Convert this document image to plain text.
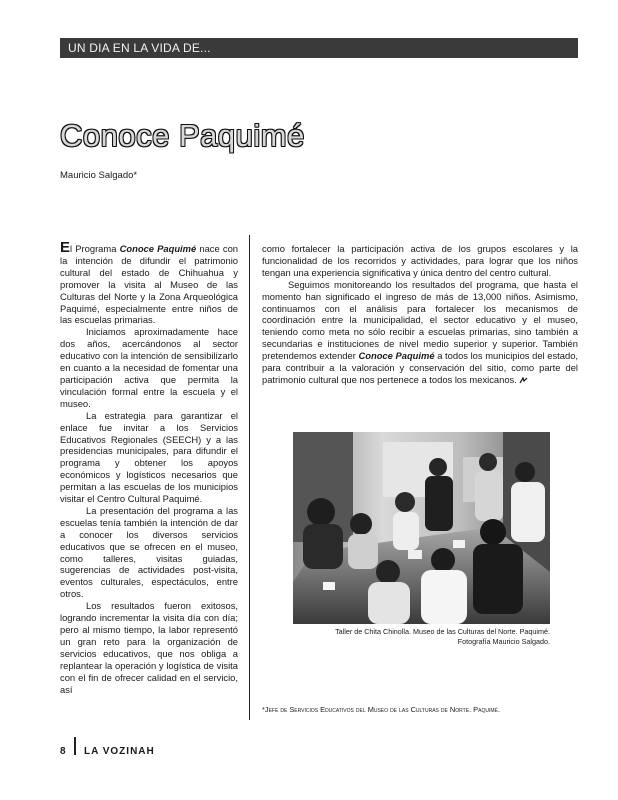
UN DIA EN LA VIDA DE...
Conoce Paquimé
Mauricio Salgado*

El Programa Conoce Paquimé nace con la intención de difundir el patrimonio cultural del estado de Chihuahua y promover la visita al Museo de las Culturas del Norte y la Zona Arqueológica Paquimé, especialmente entre niños de las escuelas primarias.

Iniciamos aproximadamente hace dos años, acercándonos al sector educativo con la intención de sensibilizarlo en cuanto a la necesidad de fomentar una participación activa que permita la vinculación formal entre la escuela y el museo.

La estrategia para garantizar el enlace fue invitar a los Servicios Educativos Regionales (SEECH) y a las presidencias municipales, para difundir el programa y obtener los apoyos económicos y logísticos necesarios que permitan a las escuelas de los municipios visitar el Centro Cultural Paquimé.

La presentación del programa a las escuelas tenía también la intención de dar a conocer los diversos servicios educativos que se ofrecen en el museo, como talleres, visitas guiadas, sugerencias de actividades post-visita, eventos culturales, espectáculos, entre otros.

Los resultados fueron exitosos, logrando incrementar la visita día con día; pero al mismo tiempo, la labor representó un gran reto para la organización de servicios educativos, que nos obliga a replantear la operación y logística de visita con el fin de ofrecer calidad en el servicio, así

como fortalecer la participación activa de los grupos escolares y la funcionalidad de los recorridos y actividades, para lograr que los niños tengan una experiencia significativa y única dentro del centro cultural.

Seguimos monitoreando los resultados del programa, que hasta el momento han significado el ingreso de más de 13,000 niños. Asimismo, continuamos con el análisis para fortalecer los mecanismos de coordinación entre la municipalidad, el sector educativo y el museo, teniendo como meta no sólo recibir a escuelas primarias, sino también a secundarias e instituciones de nivel medio superior y superior. También pretendemos extender Conoce Paquimé a todos los municipios del estado, para contribuir a la valoración y conservación del sitio, como parte del patrimonio cultural que nos pertenece a todos los mexicanos.

Taller de Chita Chinolla. Museo de las Culturas del Norte. Paquimé.
Fotografía Mauricio Salgado.
*Jefe de Servicios Educativos del Museo de las Culturas de Norte. Paquimé.
8 LA VOZINAH
